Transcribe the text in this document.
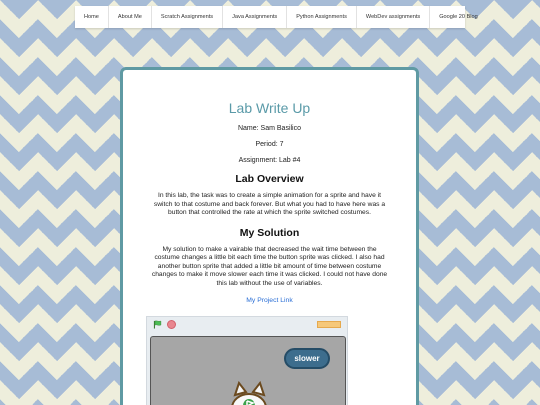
Home	About Me	Scratch Assignments	Java Assignments	Python Assignments	WebDev assignments	Google 20 Blog
Lab Write Up

Name: Sam Basilico

Period: 7

Assignment: Lab #4

Lab Overview

In this lab, the task was to create a simple animation for a sprite and have it switch to that costume and back forever. But what you had to have here was a button that controlled the rate at which the sprite switched costumes.

My Solution

My solution to make a vairable that decreased the wait time between the costume changes a little bit each time the button sprite was clicked. I also had another button sprite that added a little bit amount of time between costume changes to make it move slower each time it was clicked. I could not have done this lab without the use of variables.

My Project Link
slower
